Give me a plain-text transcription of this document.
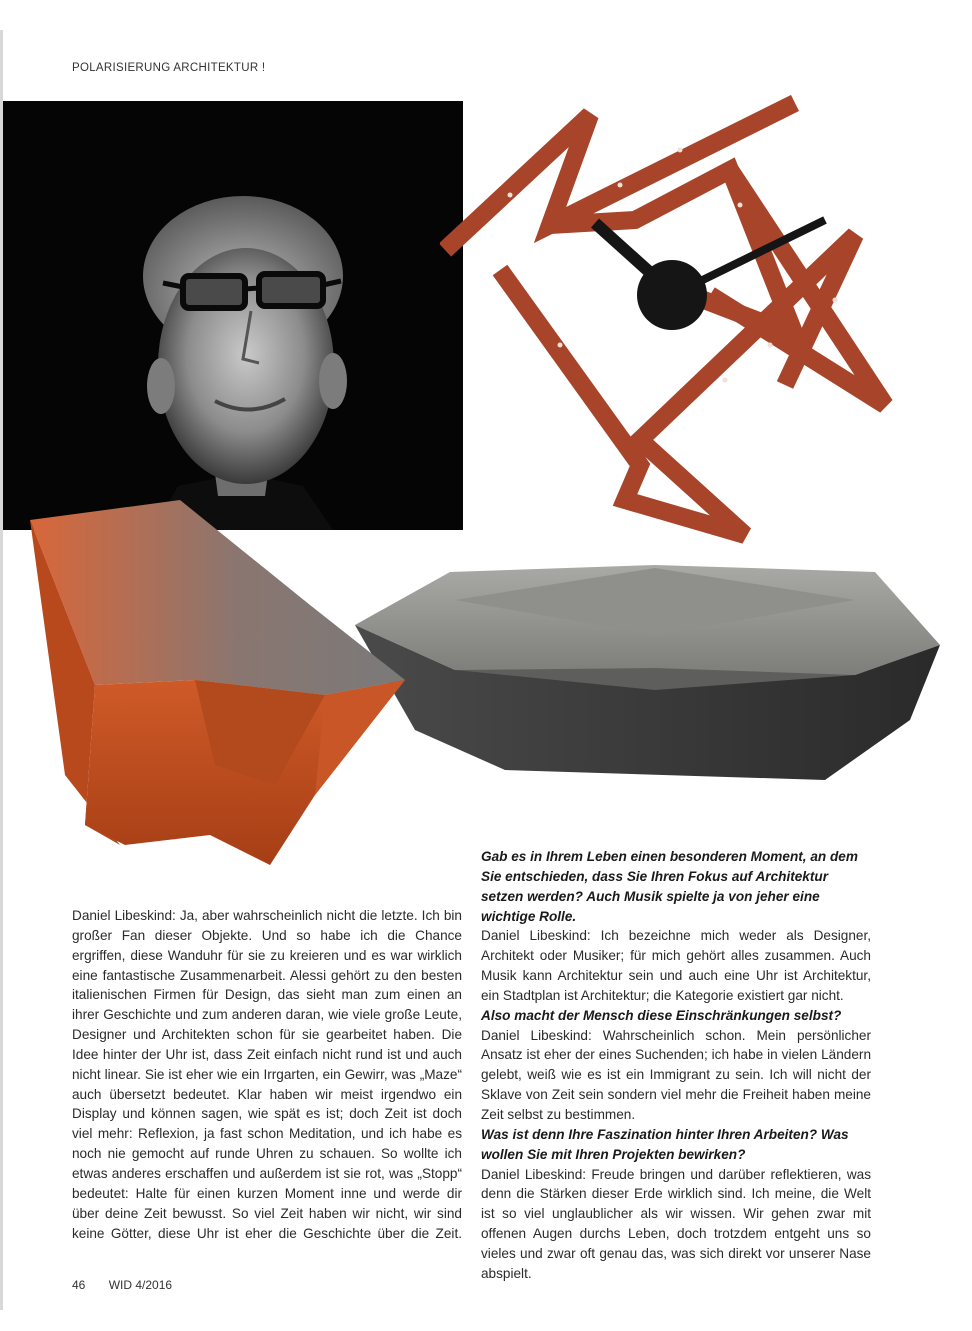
POLARISIERUNG ARCHITEKTUR !

Daniel Libeskind: Ja, aber wahrscheinlich nicht die letzte. Ich bin großer Fan dieser Objekte. Und so habe ich die Chance ergriffen, diese Wanduhr für sie zu kreieren und es war wirklich eine fantastische Zusammenarbeit. Alessi gehört zu den besten italienischen Firmen für Design, das sieht man zum einen an ihrer Geschichte und zum anderen daran, wie viele große Leute, Designer und Architekten schon für sie gearbeitet haben. Die Idee hinter der Uhr ist, dass Zeit einfach nicht rund ist und auch nicht linear. Sie ist eher wie ein Irrgarten, ein Gewirr, was „Maze“ auch übersetzt bedeutet. Klar haben wir meist irgendwo ein Display und können sagen, wie spät es ist; doch Zeit ist doch viel mehr: Reflexion, ja fast schon Meditation, und ich habe es noch nie gemocht auf runde Uhren zu schauen. So wollte ich etwas anderes erschaffen und außerdem ist sie rot, was „Stopp“ bedeutet: Halte für einen kurzen Moment inne und werde dir über deine Zeit bewusst. So viel Zeit haben wir nicht, wir sind keine Götter, diese Uhr ist eher die Geschichte über die Zeit.

Gab es in Ihrem Leben einen besonderen Moment, an dem Sie entschieden, dass Sie Ihren Fokus auf Architektur setzen werden? Auch Musik spielte ja von jeher eine wichtige Rolle.

Daniel Libeskind: Ich bezeichne mich weder als Designer, Architekt oder Musiker; für mich gehört alles zusammen. Auch Musik kann Architektur sein und auch eine Uhr ist Architektur, ein Stadtplan ist Architektur; die Kategorie existiert gar nicht.

Also macht der Mensch diese Einschränkungen selbst?

Daniel Libeskind: Wahrscheinlich schon. Mein persönlicher Ansatz ist eher der eines Suchenden; ich habe in vielen Ländern gelebt, weiß wie es ist ein Immigrant zu sein. Ich will nicht der Sklave von Zeit sein sondern viel mehr die Freiheit haben meine Zeit selbst zu bestimmen.

Was ist denn Ihre Faszination hinter Ihren Arbeiten? Was wollen Sie mit Ihren Projekten bewirken?

Daniel Libeskind: Freude bringen und darüber reflektieren, was denn die Stärken dieser Erde wirklich sind. Ich meine, die Welt ist so viel unglaublicher als wir wissen. Wir gehen zwar mit offenen Augen durchs Leben, doch trotzdem entgeht uns so vieles und zwar oft genau das, was sich direkt vor unserer Nase abspielt.

46 WID 4/2016
